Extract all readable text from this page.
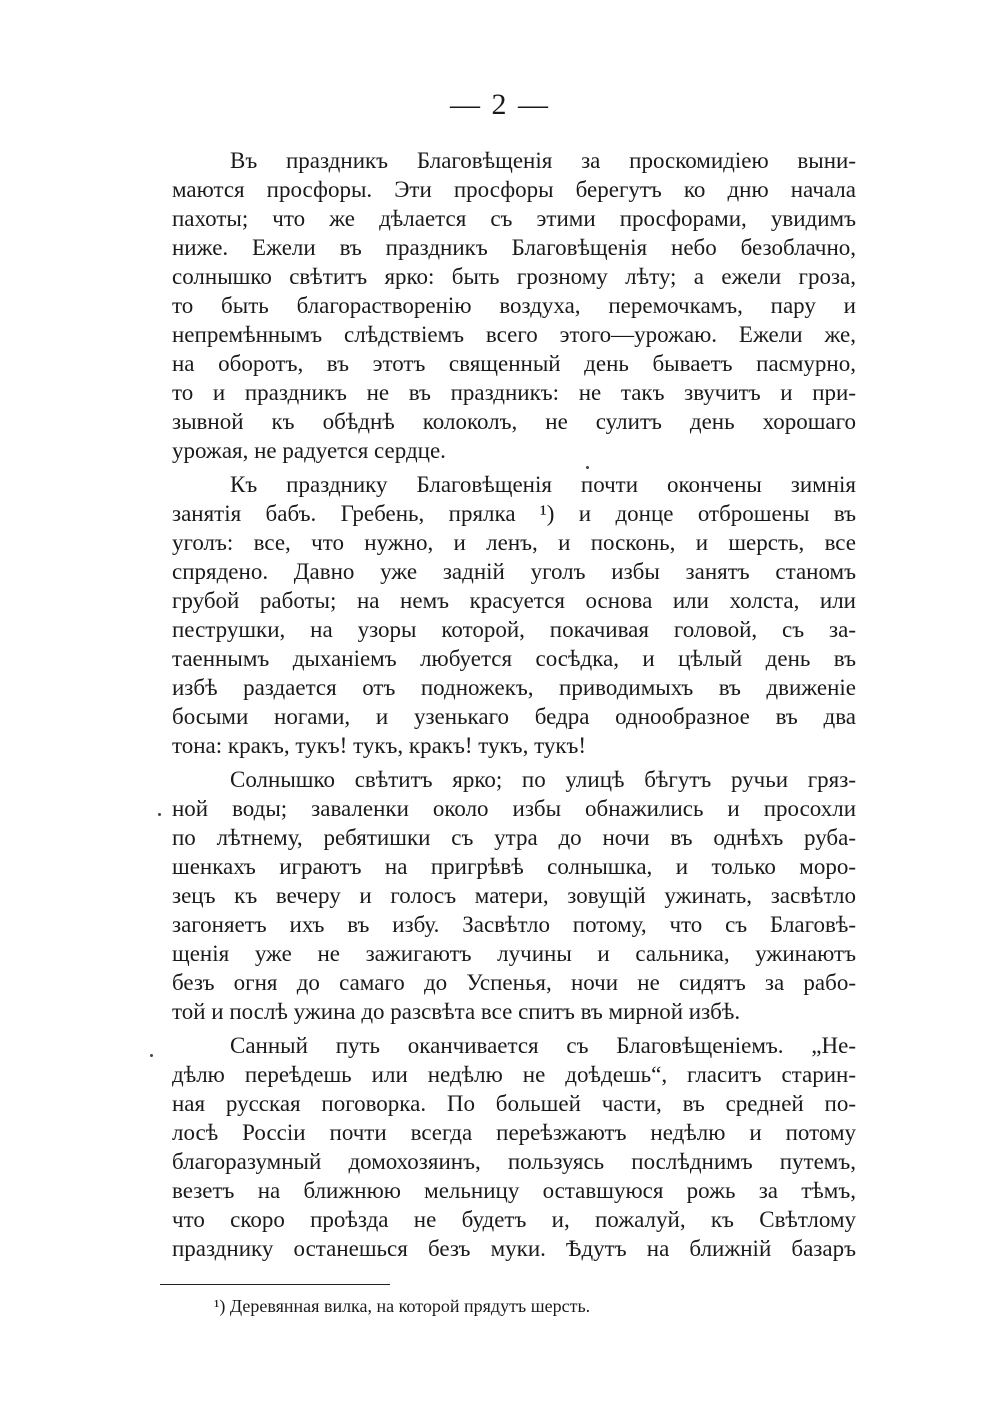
— 2 —
Въ праздникъ Благовѣщенія за проскомидіею выни-
маются просфоры. Эти просфоры берегутъ ко дню начала
пахоты; что же дѣлается съ этими просфорами, увидимъ
ниже. Ежели въ праздникъ Благовѣщенія небо безоблачно,
солнышко свѣтитъ ярко: быть грозному лѣту; а ежели гроза,
то быть благорастворенію воздуха, перемочкамъ, пару и
непремѣннымъ слѣдствіемъ всего этого—урожаю. Ежели же,
на оборотъ, въ этотъ священный день бываетъ пасмурно,
то и праздникъ не въ праздникъ: не такъ звучитъ и при-
зывной къ обѣднѣ колоколъ, не сулитъ день хорошаго
урожая, не радуется сердце.
Къ празднику Благовѣщенія почти окончены зимнія
занятія бабъ. Гребень, прялка ¹) и донце отброшены въ
уголъ: все, что нужно, и ленъ, и посконь, и шерсть, все
спрядено. Давно уже заднiй уголъ избы занятъ станомъ
грубой работы; на немъ красуется основа или холста, или
пеструшки, на узоры которой, покачивая головой, съ за-
таеннымъ дыханіемъ любуется сосѣдка, и цѣлый день въ
избѣ раздается отъ подножекъ, приводимыхъ въ движеніе
босыми ногами, и узенькаго бедра однообразное въ два
тона: кракъ, тукъ! тукъ, кракъ! тукъ, тукъ!
Солнышко свѣтитъ ярко; по улицѣ бѣгутъ ручьи гряз-
ной воды; заваленки около избы обнажились и просохли
по лѣтнему, ребятишки съ утра до ночи въ однѣхъ руба-
шенкахъ играютъ на пригрѣвѣ солнышка, и только моро-
зецъ къ вечеру и голосъ матери, зовущій ужинать, засвѣтло
загоняетъ ихъ въ избу. Засвѣтло потому, что съ Благовѣ-
щенія уже не зажигаютъ лучины и сальника, ужинаютъ
безъ огня до самаго до Успенья, ночи не сидятъ за рабо-
той и послѣ ужина до разсвѣта все спитъ въ мирной избѣ.
Санный путь оканчивается съ Благовѣщеніемъ. „Не-
дѣлю переѣдешь или недѣлю не доѣдешь“, гласитъ старин-
ная русская поговорка. По большей части, въ средней по-
лосѣ Россіи почти всегда переѣзжаютъ недѣлю и потому
благоразумный домохозяинъ, пользуясь послѣднимъ путемъ,
везетъ на ближнюю мельницу оставшуюся рожь за тѣмъ,
что скоро проѣзда не будетъ и, пожалуй, къ Свѣтлому
празднику останешься безъ муки. Ѣдутъ на ближній базаръ
¹) Деревянная вилка, на которой прядутъ шерсть.
